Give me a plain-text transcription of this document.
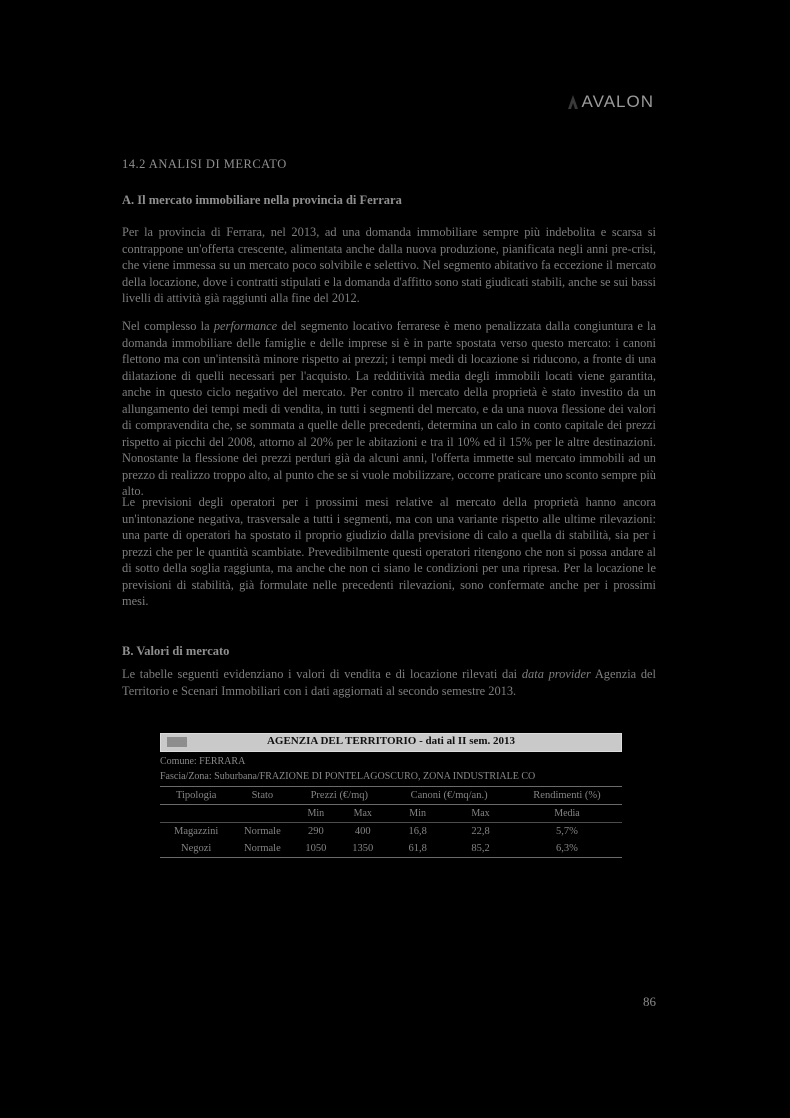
AVALON
14.2 ANALISI DI MERCATO
A. Il mercato immobiliare nella provincia di Ferrara

Per la provincia di Ferrara, nel 2013, ad una domanda immobiliare sempre più indebolita e scarsa si contrappone un'offerta crescente, alimentata anche dalla nuova produzione, pianificata negli anni pre-crisi, che viene immessa su un mercato poco solvibile e selettivo. Nel segmento abitativo fa eccezione il mercato della locazione, dove i contratti stipulati e la domanda d'affitto sono stati giudicati stabili, anche se sui bassi livelli di attività già raggiunti alla fine del 2012.

Nel complesso la performance del segmento locativo ferrarese è meno penalizzata dalla congiuntura e la domanda immobiliare delle famiglie e delle imprese si è in parte spostata verso questo mercato: i canoni flettono ma con un'intensità minore rispetto ai prezzi; i tempi medi di locazione si riducono, a fronte di una dilatazione di quelli necessari per l'acquisto. La redditività media degli immobili locati viene garantita, anche in questo ciclo negativo del mercato. Per contro il mercato della proprietà è stato investito da un allungamento dei tempi medi di vendita, in tutti i segmenti del mercato, e da una nuova flessione dei valori di compravendita che, se sommata a quelle delle precedenti, determina un calo in conto capitale dei prezzi rispetto ai picchi del 2008, attorno al 20% per le abitazioni e tra il 10% ed il 15% per le altre destinazioni. Nonostante la flessione dei prezzi perduri già da alcuni anni, l'offerta immette sul mercato immobili ad un prezzo di realizzo troppo alto, al punto che se si vuole mobilizzare, occorre praticare uno sconto sempre più alto.

Le previsioni degli operatori per i prossimi mesi relative al mercato della proprietà hanno ancora un'intonazione negativa, trasversale a tutti i segmenti, ma con una variante rispetto alle ultime rilevazioni: una parte di operatori ha spostato il proprio giudizio dalla previsione di calo a quella di stabilità, sia per i prezzi che per le quantità scambiate. Prevedibilmente questi operatori ritengono che non si possa andare al di sotto della soglia raggiunta, ma anche che non ci siano le condizioni per una ripresa. Per la locazione le previsioni di stabilità, già formulate nelle precedenti rilevazioni, sono confermate anche per i prossimi mesi.

B. Valori di mercato

Le tabelle seguenti evidenziano i valori di vendita e di locazione rilevati dai data provider Agenzia del Territorio e Scenari Immobiliari con i dati aggiornati al secondo semestre 2013.

AGENZIA DEL TERRITORIO - dati al II sem. 2013
Comune: FERRARA
Fascia/Zona: Suburbana/FRAZIONE DI PONTELAGOSCURO, ZONA INDUSTRIALE CO
Tipologia	Stato	Prezzi (€/mq)		Canoni (€/mq/an.)		Rendimenti (%)
		Min	Max	Min	Max	Media
Magazzini	Normale	290	400	16,8	22,8	5,7%
Negozi	Normale	1050	1350	61,8	85,2	6,3%
86
